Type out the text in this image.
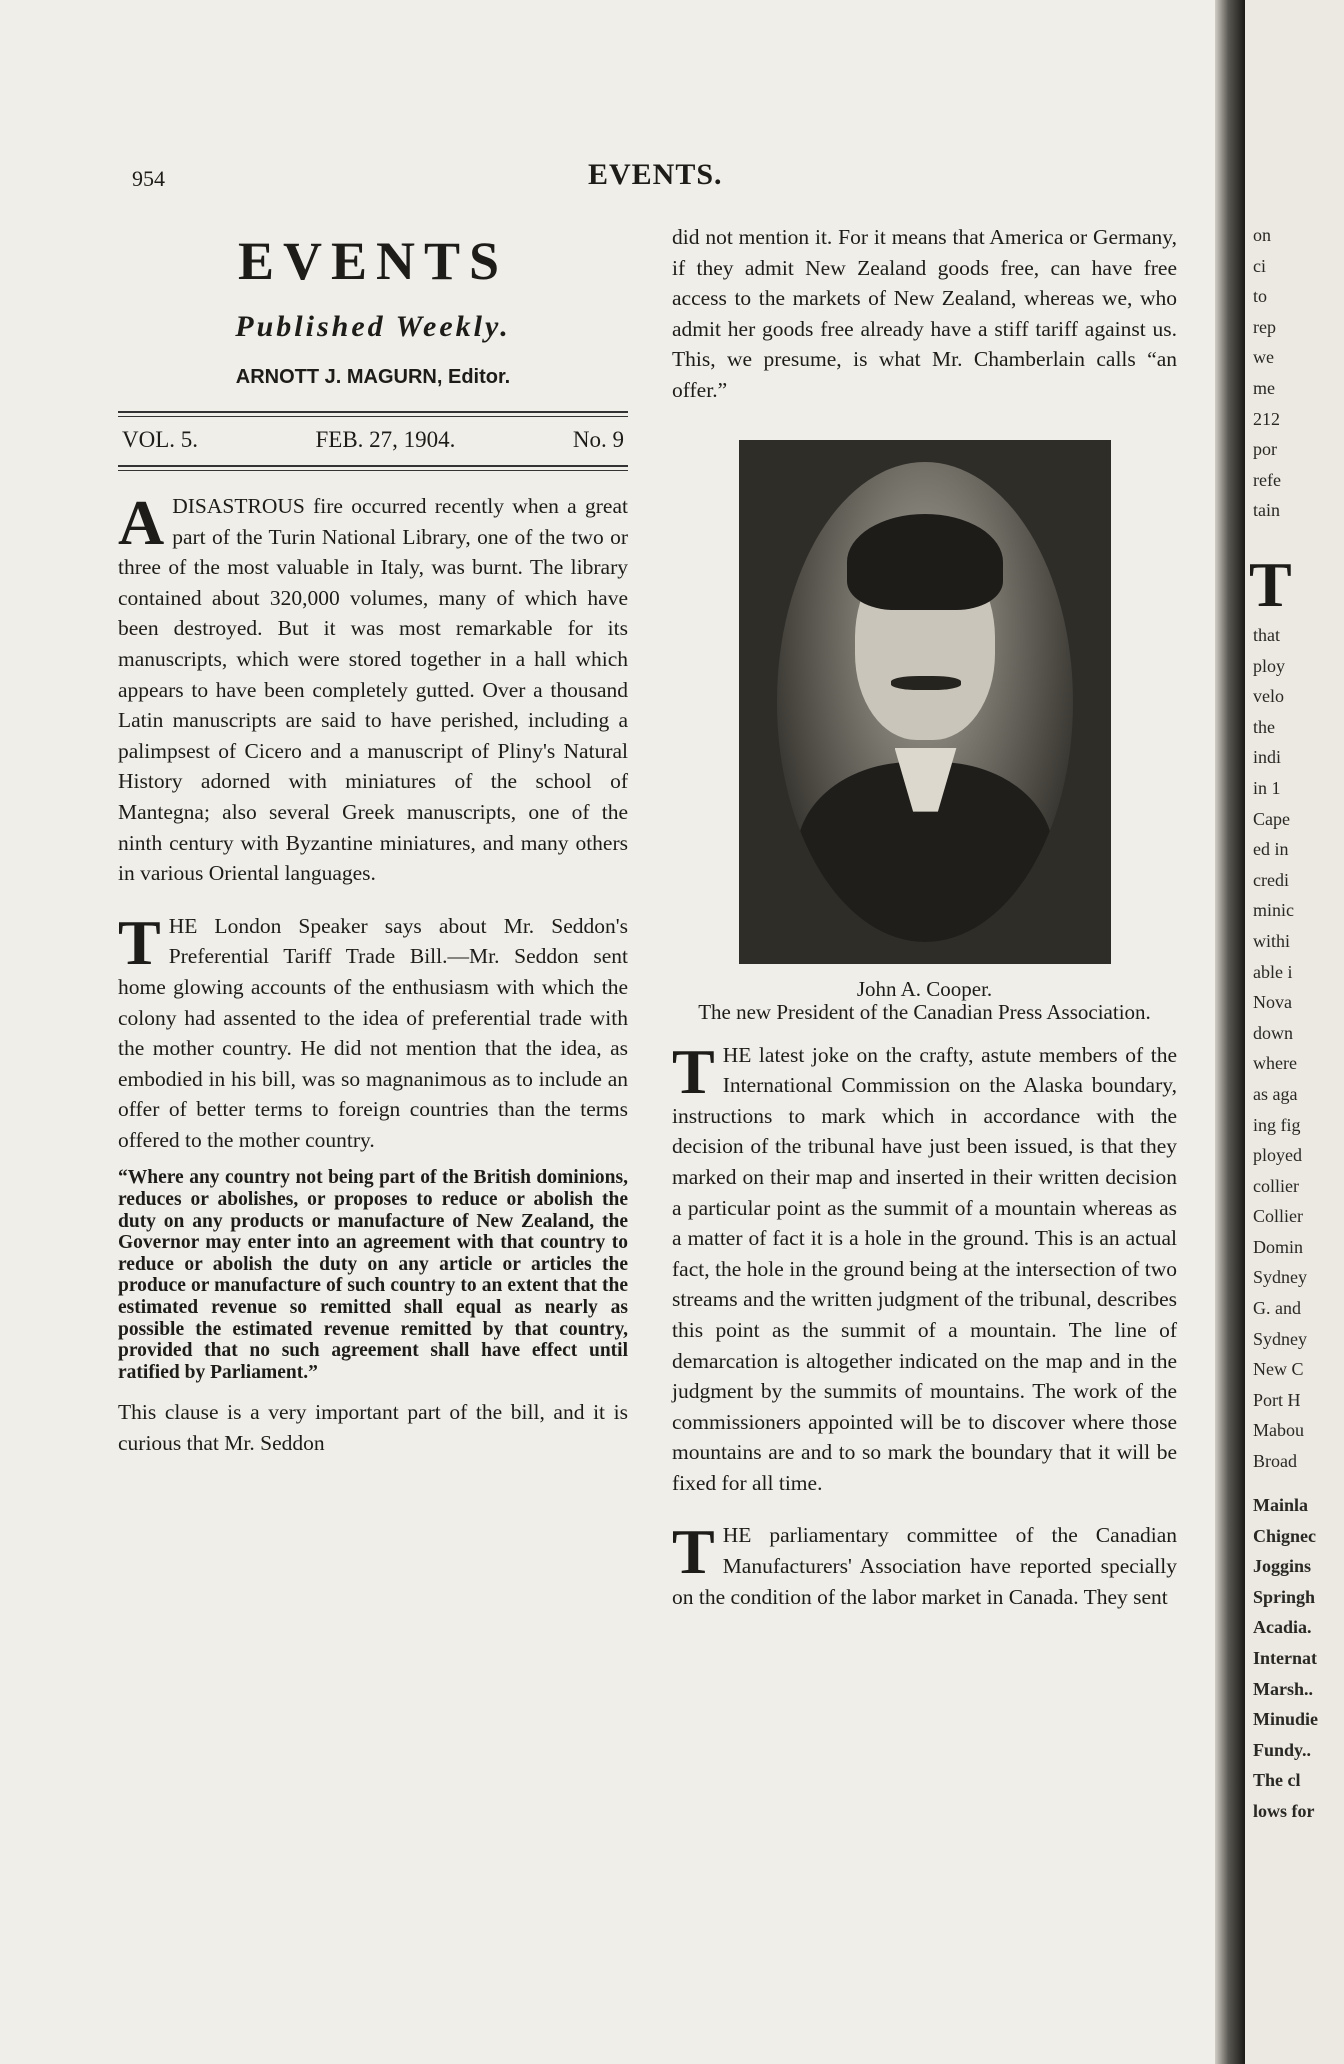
954	EVENTS.
EVENTS
Published Weekly.
ARNOTT J. MAGURN, Editor.
VOL. 5.	FEB. 27, 1904.	No. 9

ADISASTROUS fire occurred recently when a great part of the Turin National Library, one of the two or three of the most valuable in Italy, was burnt. The library contained about 320,000 volumes, many of which have been destroyed. But it was most remarkable for its manuscripts, which were stored together in a hall which appears to have been completely gutted. Over a thousand Latin manuscripts are said to have perished, including a palimpsest of Cicero and a manuscript of Pliny's Natural History adorned with miniatures of the school of Mantegna; also several Greek manuscripts, one of the ninth century with Byzantine miniatures, and many others in various Oriental languages.

THE London Speaker says about Mr. Seddon's Preferential Tariff Trade Bill.—Mr. Seddon sent home glowing accounts of the enthusiasm with which the colony had assented to the idea of preferential trade with the mother country. He did not mention that the idea, as embodied in his bill, was so magnanimous as to include an offer of better terms to foreign countries than the terms offered to the mother country.

“Where any country not being part of the British dominions, reduces or abolishes, or proposes to reduce or abolish the duty on any products or manufacture of New Zealand, the Governor may enter into an agreement with that country to reduce or abolish the duty on any article or articles the produce or manufacture of such country to an extent that the estimated revenue so remitted shall equal as nearly as possible the estimated revenue remitted by that country, provided that no such agreement shall have effect until ratified by Parliament.”

This clause is a very important part of the bill, and it is curious that Mr. Seddon

did not mention it. For it means that America or Germany, if they admit New Zealand goods free, can have free access to the markets of New Zealand, whereas we, who admit her goods free already have a stiff tariff against us. This, we presume, is what Mr. Chamberlain calls “an offer.”

John A. Cooper.
The new President of the Canadian Press Association.

THE latest joke on the crafty, astute members of the International Commission on the Alaska boundary, instructions to mark which in accordance with the decision of the tribunal have just been issued, is that they marked on their map and inserted in their written decision a particular point as the summit of a mountain whereas as a matter of fact it is a hole in the ground. This is an actual fact, the hole in the ground being at the intersection of two streams and the written judgment of the tribunal, describes this point as the summit of a mountain. The line of demarcation is altogether indicated on the map and in the judgment by the summits of mountains. The work of the commissioners appointed will be to discover where those mountains are and to so mark the boundary that it will be fixed for all time.

THE parliamentary committee of the Canadian Manufacturers' Association have reported specially on the condition of the labor market in Canada. They sent

on
ci
to
rep
we
me
212
por
refe
tain
T
that
ploy
velo
the
indi
in 1
Cape
ed in
credi
minic
withi
able i
Nova
down
where
as aga
ing fig
ployed
collier
Collier
Domin
Sydney
G. and
Sydney
New C
Port H
Mabou
Broad
Mainla
Chignec
Joggins
Springh
Acadia.
Internat
Marsh..
Minudie
Fundy..
The cl
lows for
